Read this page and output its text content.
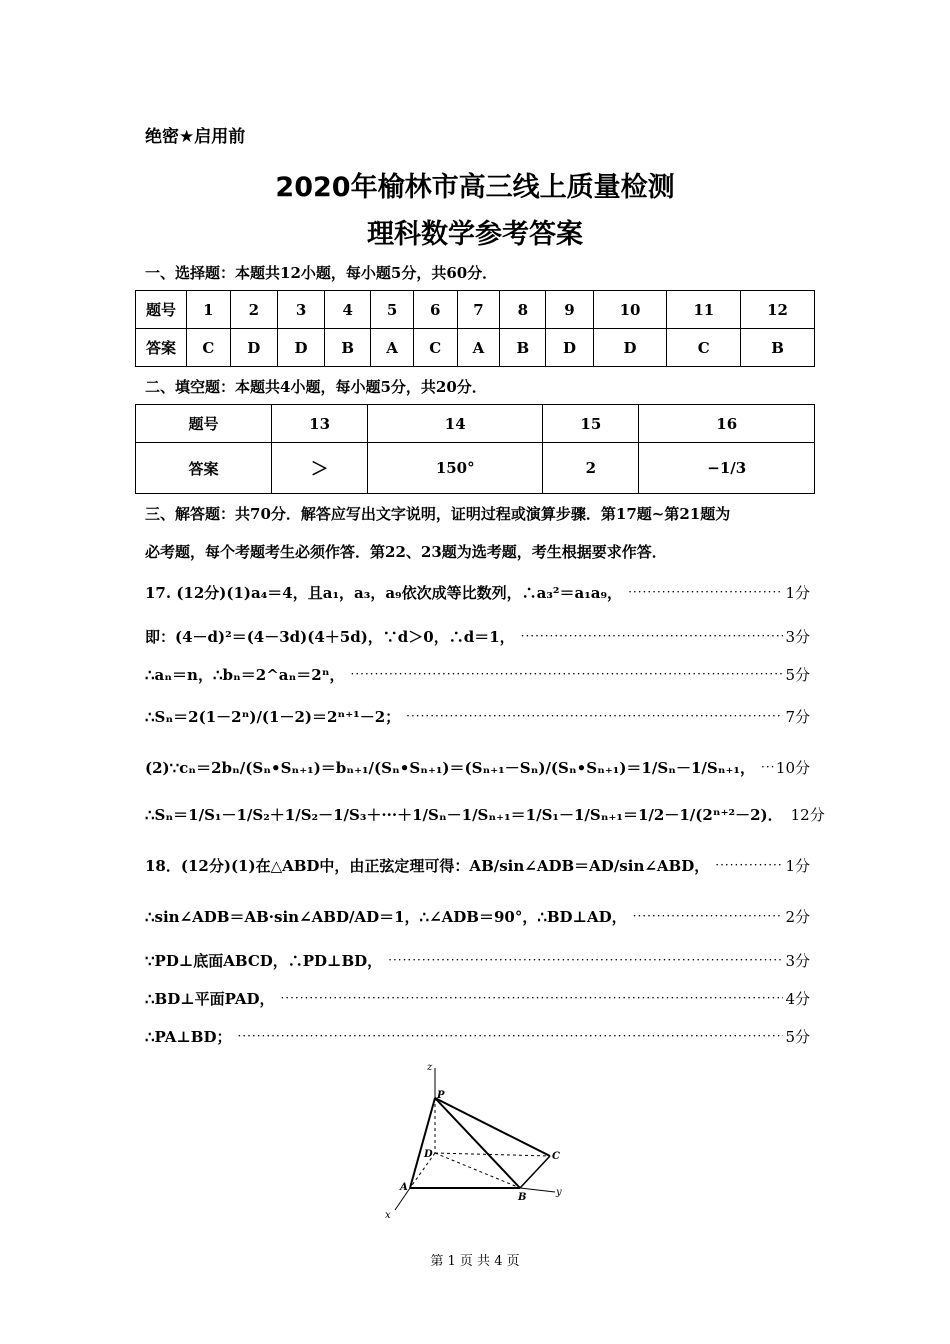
绝密★启用前
2020年榆林市高三线上质量检测
理科数学参考答案
一、选择题：本题共12小题，每小题5分，共60分．
题号	1	2	3	4	5	6	7	8	9	10	11	12
答案	C	D	D	B	A	C	A	B	D	D	C	B
二、填空题：本题共4小题，每小题5分，共20分．
题号	13	14	15	16
答案	＞	150°	2	−1/3
三、解答题：共70分．解答应写出文字说明，证明过程或演算步骤．第17题~第21题为
必考题，每个考题考生必须作答．第22、23题为选考题，考生根据要求作答．
17. (12分)(1)a₄＝4，且a₁，a₃，a₉依次成等比数列，∴a₃²＝a₁a₉， ·····	1分
即：(4－d)²＝(4－3d)(4＋5d)，∵d＞0，∴d＝1， ·····	3分
∴aₙ＝n，∴bₙ＝2^aₙ＝2ⁿ， ·····	5分
∴Sₙ＝2(1－2ⁿ)/(1－2)＝2ⁿ⁺¹－2； ·····	7分
(2)∵cₙ＝2bₙ/(Sₙ•Sₙ₊₁)＝bₙ₊₁/(Sₙ•Sₙ₊₁)＝(Sₙ₊₁－Sₙ)/(Sₙ•Sₙ₊₁)＝1/Sₙ－1/Sₙ₊₁， ····· 10分
∴Sₙ＝1/S₁－1/S₂＋1/S₂－1/S₃＋···＋1/Sₙ－1/Sₙ₊₁＝1/S₁－1/Sₙ₊₁＝1/2－1/(2ⁿ⁺²－2)． 12分
18．(12分)(1)在△ABD中，由正弦定理可得：AB/sin∠ADB＝AD/sin∠ABD， ·····	1分
∴sin∠ADB＝AB·sin∠ABD/AD＝1，∴∠ADB＝90°，∴BD⊥AD， ·····	2分
∵PD⊥底面ABCD，∴PD⊥BD， ·····	3分
∴BD⊥平面PAD， ·····	4分
∴PA⊥BD； ·····	5分
z
P
D	C
A
B	y
x
第 1 页 共 4 页
